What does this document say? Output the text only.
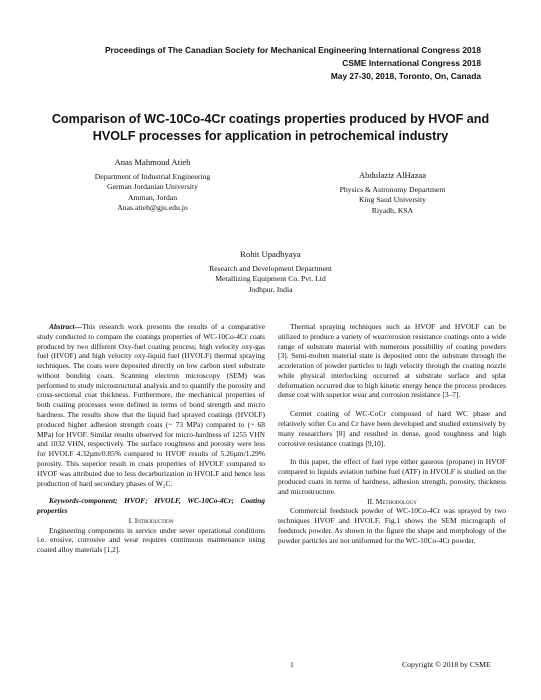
Proceedings of The Canadian Society for Mechanical Engineering International Congress 2018
CSME International Congress 2018
May 27-30, 2018, Toronto, On, Canada
Comparison of WC-10Co-4Cr coatings properties produced by HVOF and
HVOLF processes for application in petrochemical industry
Anas Mahmoud Atieh
Department of Industrial Engineering
German Jordanian University
Amman, Jordan
Anas.atieh@gju.edu.jo
Abdulaziz AlHazaa
Physics & Astronomy Department
King Saud University
Riyadh, KSA
Rohit Upadhyaya
Research and Development Department
Metallizing Equipment Co. Pvt. Ltd
Jodhpur, India

Abstract—This research work presents the results of a comparative study conducted to compare the coatings properties of WC-10Co-4Cr coats produced by two different Oxy-fuel coating process; high velocity oxy-gas fuel (HVOF) and high velocity oxy-liquid fuel (HVOLF) thermal spraying techniques. The coats were deposited directly on low carbon steel substrate without bonding coats. Scanning electron microscopy (SEM) was performed to study microstructural analysis and to quantify the porosity and cross-sectional coat thickness. Furthermore, the mechanical properties of both coating processes were defined in terms of bond strength and micro hardness. The results show that the liquid fuel sprayed coatings (HVOLF) produced higher adhesion strength coats (~ 73 MPa) compared to (~ 68 MPa) for HVOF. Similar results observed for micro-hardness of 1255 VHN and 1032 VHN, respectively. The surface roughness and porosity were less for HVOLF 4.32µm/0.85% compared to HVOF results of 5.26µm/1.29% porosity. This superior result in coats properties of HVOLF compared to HVOF was attributed due to less decarburization in HVOLF and hence less production of hard secondary phases of W₂C.

Keywords-component; HVOF; HVOLF, WC-10Co-4Cr; Coating properties

I. Introduction

Engineering components in service under sever operational conditions i.e. erosive, corrosive and wear requires continuous maintenance using coated alloy materials [1,2].

Thermal spraying techniques such as HVOF and HVOLF can be utilized to produce a variety of wear/erosion resistance coatings onto a wide range of substrate material with numerous possibility of coating powders [3]. Semi-molten material state is deposited onto the substrate through the acceleration of powder particles to high velocity through the coating nozzle while physical interlocking occurred at substrate surface and splat deformation occurred due to high kinetic energy hence the process produces dense coat with superior wear and corrosion resistance [3–7].

Cermet coating of WC-CoCr composed of hard WC phase and relatively softer Co and Cr have been developed and studied extensively by many researchers [8] and resulted in dense, good toughness and high corrosive resistance coatings [9,10].

In this paper, the effect of fuel type either gaseous (propane) in HVOF compared to liquids aviation turbine fuel (ATF) in HVOLF is studied on the produced coats in terms of hardness, adhesion strength, porosity, thickness and microstructure.

II. Methodology

Commercial feedstock powder of WC-10Co-4Cr was sprayed by two techniques HVOF and HVOLF, Fig.1 shows the SEM micrograph of feedstock powder. As shown in the figure the shape and morphology of the powder particles are not uniformed for the WC-10Co-4Cr powder.

1	Copyright © 2018 by CSME
